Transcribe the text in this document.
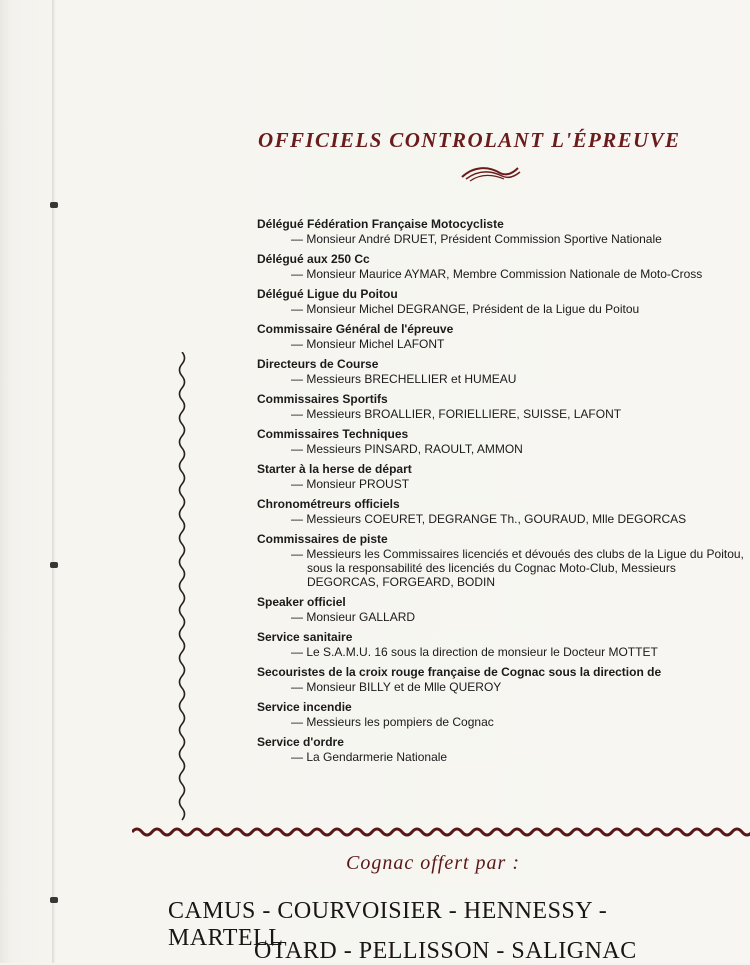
OFFICIELS CONTROLANT L'ÉPREUVE
Délégué Fédération Française Motocycliste
— Monsieur André DRUET, Président Commission Sportive Nationale
Délégué aux 250 Cc
— Monsieur Maurice AYMAR, Membre Commission Nationale de Moto-Cross
Délégué Ligue du Poitou
— Monsieur Michel DEGRANGE, Président de la Ligue du Poitou
Commissaire Général de l'épreuve
— Monsieur Michel LAFONT
Directeurs de Course
— Messieurs BRECHELLIER et HUMEAU
Commissaires Sportifs
— Messieurs BROALLIER, FORIELLIERE, SUISSE, LAFONT
Commissaires Techniques
— Messieurs PINSARD, RAOULT, AMMON
Starter à la herse de départ
— Monsieur PROUST
Chronométreurs officiels
— Messieurs COEURET, DEGRANGE Th., GOURAUD, Mlle DEGORCAS
Commissaires de piste
— Messieurs les Commissaires licenciés et dévoués des clubs de la Ligue du Poitou, sous la responsabilité des licenciés du Cognac Moto-Club, Messieurs DEGORCAS, FORGEARD, BODIN
Speaker officiel
— Monsieur GALLARD
Service sanitaire
— Le S.A.M.U. 16 sous la direction de monsieur le Docteur MOTTET
Secouristes de la croix rouge française de Cognac sous la direction de
— Monsieur BILLY et de Mlle QUEROY
Service incendie
— Messieurs les pompiers de Cognac
Service d'ordre
— La Gendarmerie Nationale
Cognac offert par :
CAMUS - COURVOISIER - HENNESSY - MARTELL
OTARD - PELLISSON - SALIGNAC
